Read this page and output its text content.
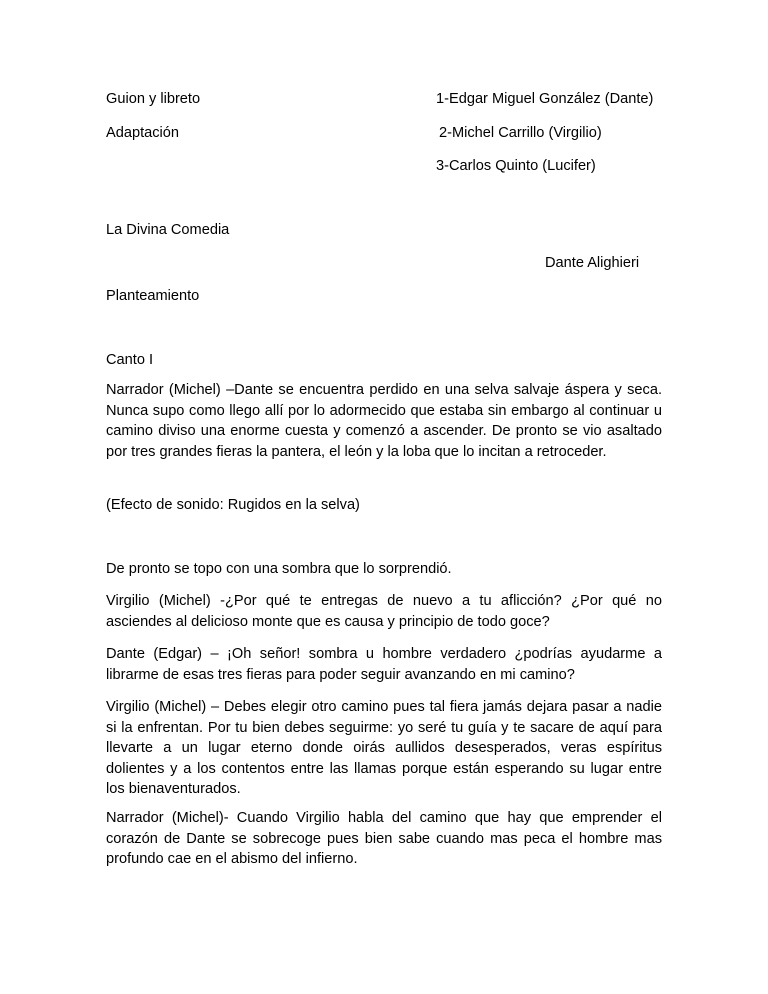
Guion y libreto	1-Edgar Miguel González (Dante)
Adaptación	2-Michel Carrillo (Virgilio)
3-Carlos Quinto (Lucifer)
La Divina Comedia
Dante Alighieri
Planteamiento
Canto I
Narrador (Michel) –Dante se encuentra perdido en una selva salvaje áspera y seca. Nunca supo como llego allí por lo adormecido que estaba sin embargo al continuar u camino diviso una enorme cuesta y comenzó a ascender. De pronto se vio asaltado por tres grandes fieras la pantera, el león y la loba que lo incitan a retroceder.
(Efecto de sonido: Rugidos en la selva)
De pronto se topo con una sombra que lo sorprendió.
Virgilio (Michel) -¿Por qué te entregas de nuevo a tu aflicción? ¿Por qué no asciendes al delicioso monte que es causa y principio de todo goce?
Dante (Edgar) – ¡Oh señor! sombra u hombre verdadero ¿podrías ayudarme a librarme de esas tres fieras para poder seguir avanzando en mi camino?
Virgilio (Michel) – Debes elegir otro camino pues tal fiera jamás dejara pasar a nadie si la enfrentan. Por tu bien debes seguirme: yo seré tu guía y te sacare de aquí para llevarte a un lugar eterno donde oirás aullidos desesperados, veras espíritus dolientes y a los contentos entre las llamas porque están esperando su lugar entre los bienaventurados.
Narrador (Michel)- Cuando Virgilio habla del camino que hay que emprender el corazón de Dante se sobrecoge pues bien sabe cuando mas peca el hombre mas profundo cae en el abismo del infierno.
